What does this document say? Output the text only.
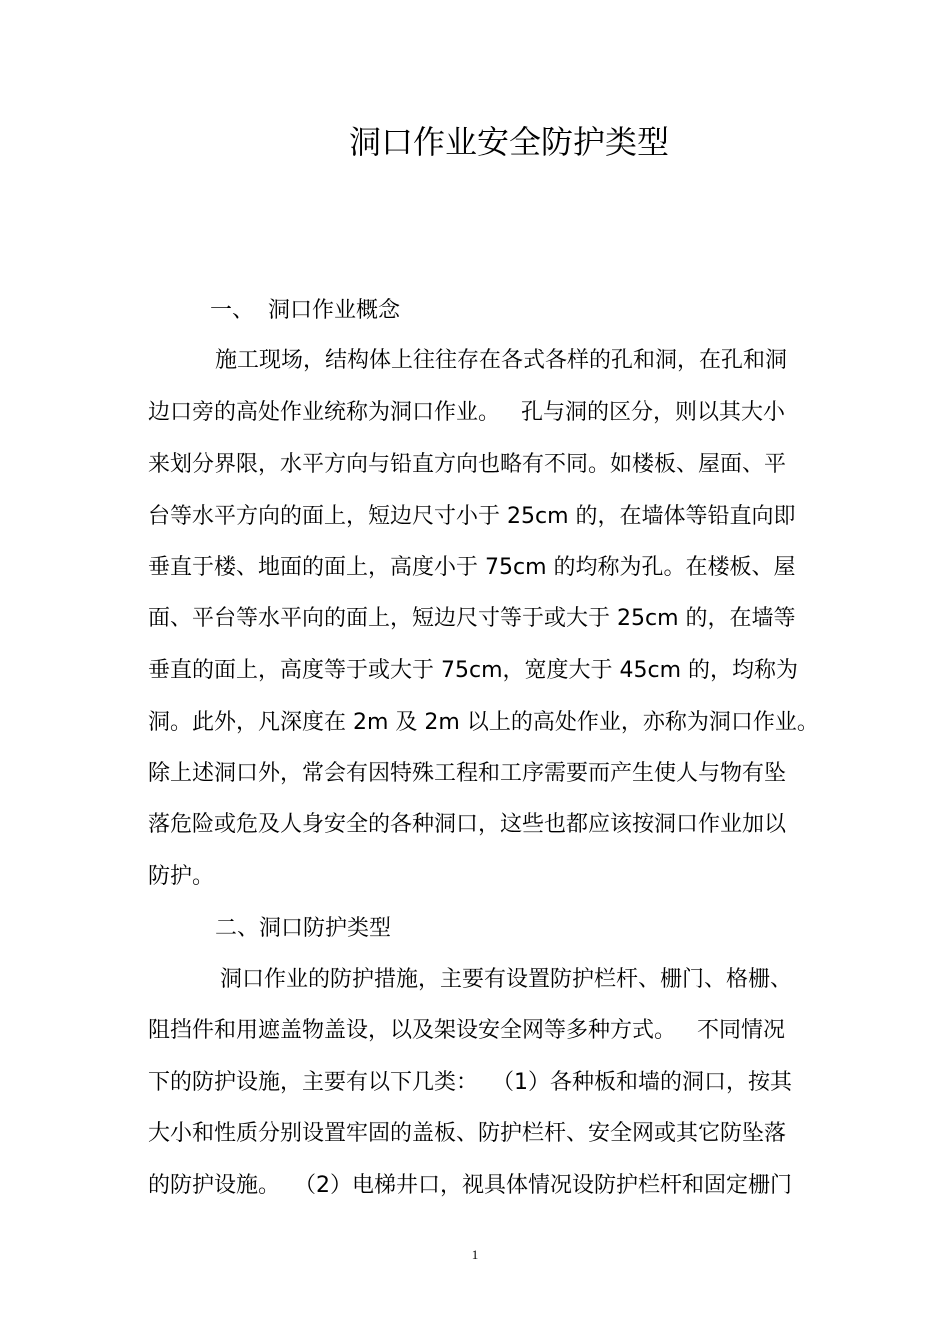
洞口作业安全防护类型
一、  洞口作业概念
施工现场，结构体上往往存在各式各样的孔和洞，在孔和洞
边口旁的高处作业统称为洞口作业。   孔与洞的区分，则以其大小
来划分界限，水平方向与铅直方向也略有不同。如楼板、屋面、平
台等水平方向的面上，短边尺寸小于 25cm 的，在墙体等铅直向即
垂直于楼、地面的面上，高度小于 75cm 的均称为孔。在楼板、屋
面、平台等水平向的面上，短边尺寸等于或大于 25cm 的，在墙等
垂直的面上，高度等于或大于 75cm，宽度大于 45cm 的，均称为
洞。此外，凡深度在 2m 及 2m 以上的高处作业，亦称为洞口作业。
除上述洞口外，常会有因特殊工程和工序需要而产生使人与物有坠
落危险或危及人身安全的各种洞口，这些也都应该按洞口作业加以
防护。
二、洞口防护类型
洞口作业的防护措施，主要有设置防护栏杆、栅门、格栅、
阻挡件和用遮盖物盖设，以及架设安全网等多种方式。   不同情况
下的防护设施，主要有以下几类：  （1）各种板和墙的洞口，按其
大小和性质分别设置牢固的盖板、防护栏杆、安全网或其它防坠落
的防护设施。  （2）电梯井口，视具体情况设防护栏杆和固定栅门
1
